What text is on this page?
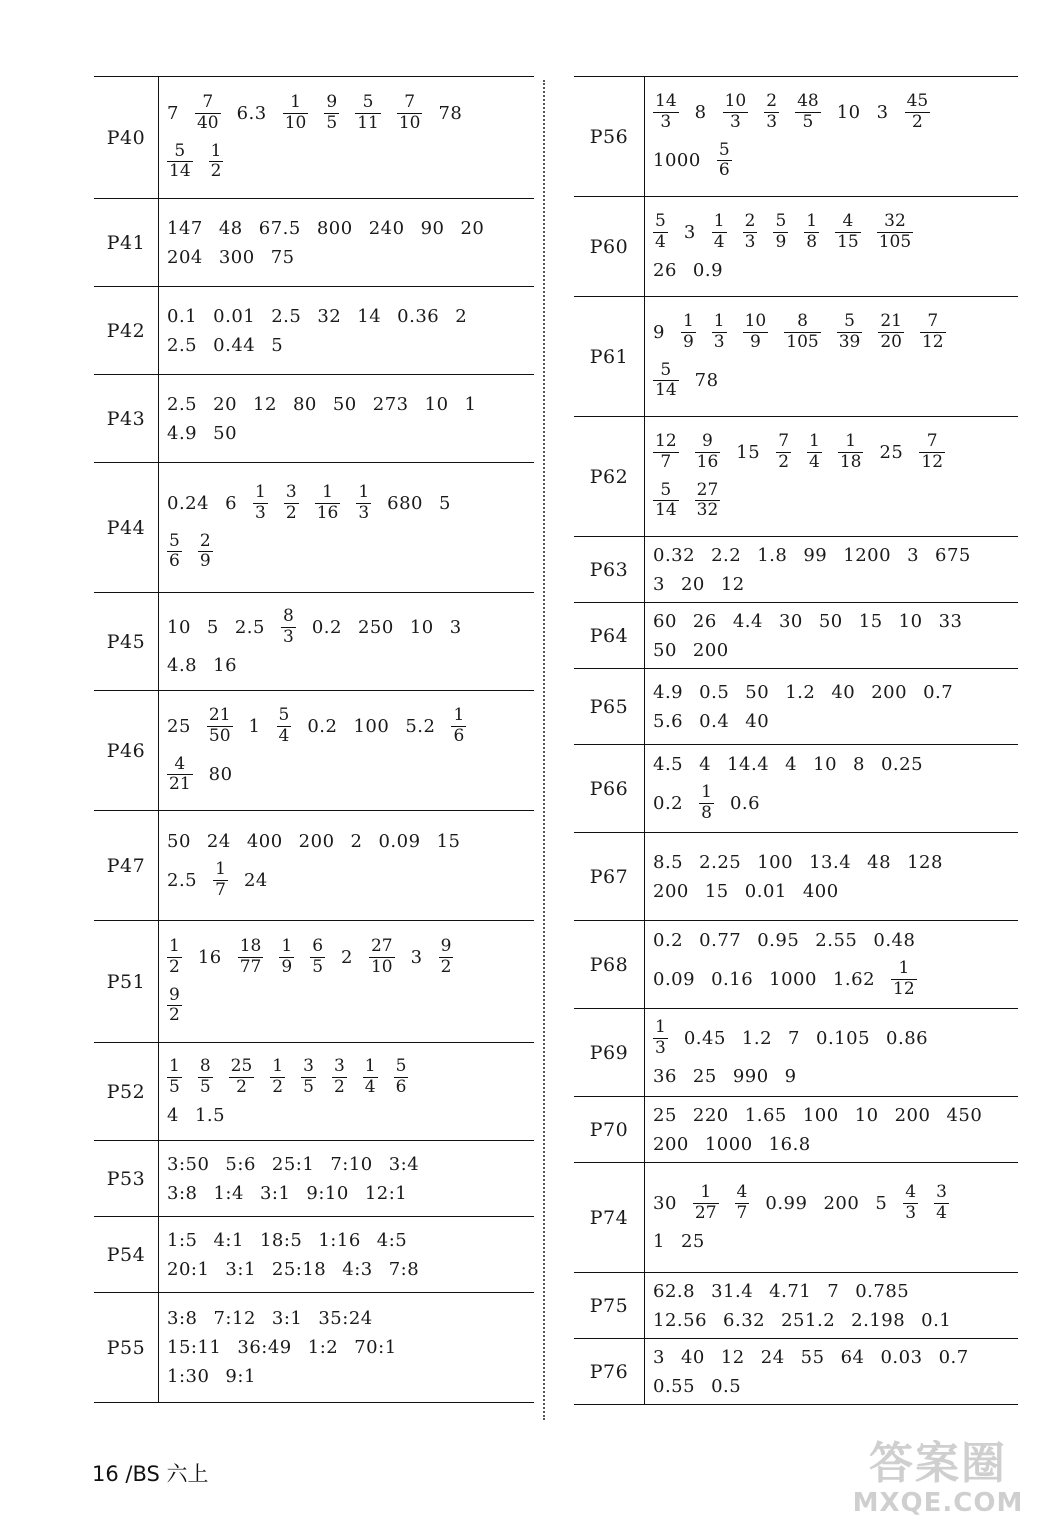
P40
$7 \frac{7}{40} 6.3 \frac{1}{10} \frac{9}{5} \frac{5}{11} \frac{7}{10} 78$
$\frac{5}{14} \frac{1}{2}$
P41
147 48 67.5 800 240 90 20
204 300 75
P42
0.1 0.01 2.5 32 14 0.36 2
2.5 0.44 5
P43
2.5 20 12 80 50 273 10 1
4.9 50
P44
0.24 $6 \frac{1}{3} \frac{3}{2} \frac{1}{16} \frac{1}{3} 680$ 5
$\frac{5}{6} \frac{2}{9}$
P45
10 5 $2.5 \frac{8}{3} 0.2$ 250 10 3
4.8 16
P46
$25 \frac{21}{50} 1 \frac{5}{4} 0.2$ 100 $5.2 \frac{1}{6}$
$\frac{4}{21} 80$
P47
50 24 400 200 2 0.09 15
$2.5 \frac{1}{7} 24$
P51
$\frac{1}{2} 16 \frac{18}{77} \frac{1}{9} \frac{6}{5} 2 \frac{27}{10} 3 \frac{9}{2}$
$\frac{9}{2}$
P52	$\frac{1}{5} \frac{8}{5} \frac{25}{2} \frac{1}{2} \frac{3}{5} \frac{3}{2} \frac{1}{4} \frac{5}{6}$
4 1.5
P53
3:50 5:6 25:1 7:10 3:4
3:8 1:4 3:1 9:10 12:1
P54
1:5 4:1 18:5 1:16 4:5
20:1 3:1 25:18 4:3 7:8
P55
3:8 7:12 3:1 35:24
15:11 36:49 1:2 70:1
1:30 9:1
P56
$\frac{14}{3} 8 \frac{10}{3} \frac{2}{3} \frac{48}{5} 10$ $3 \frac{45}{2}$
$1000 \frac{5}{6}$
P60	$\frac{5}{4} 3 \frac{1}{4} \frac{2}{3} \frac{5}{9} \frac{1}{8} \frac{4}{15} \frac{32}{105}$
26 0.9
P61
$9 \frac{1}{9} \frac{1}{3} \frac{10}{9} \frac{8}{105} \frac{5}{39} \frac{21}{20} \frac{7}{12}$
$\frac{5}{14} 78$
P62
$\frac{12}{7} \frac{9}{16} 15 \frac{7}{2} \frac{1}{4} \frac{1}{18} 25 \frac{7}{12}$
$\frac{5}{14} \frac{27}{32}$
P63
0.32 2.2 1.8 99 1200 3 675
3 20 12
P64
60 26 4.4 30 50 15 10 33
50 200
P65
4.9 0.5 50 1.2 40 200 0.7
5.6 0.4 40
P66
4.5 4 14.4 4 10 8 0.25
$0.2 \frac{1}{8} 0.6$
P67
8.5 2.25 100 13.4 48 128
200 15 0.01 400
P68
0.2 0.77 0.95 2.55 0.48
0.09 0.16 1000 $1.62 \frac{1}{12}$
P69	$\frac{1}{3} 0.45$ 1.2 7 0.105 0.86
36 25 990 9
P70
25 220 1.65 100 10 200 450
200 1000 16.8
P74
$30 \frac{1}{27} \frac{4}{7} 0.99$ 200 $5 \frac{4}{3} \frac{3}{4}$
1 25
P75
62.8 31.4 4.71 7 0.785
12.56 6.32 251.2 2.198 0.1
P76
3 40 12 24 55 64 0.03 0.7
0.55 0.5
16 /BS 六上	答案圈
MXQE.COM
